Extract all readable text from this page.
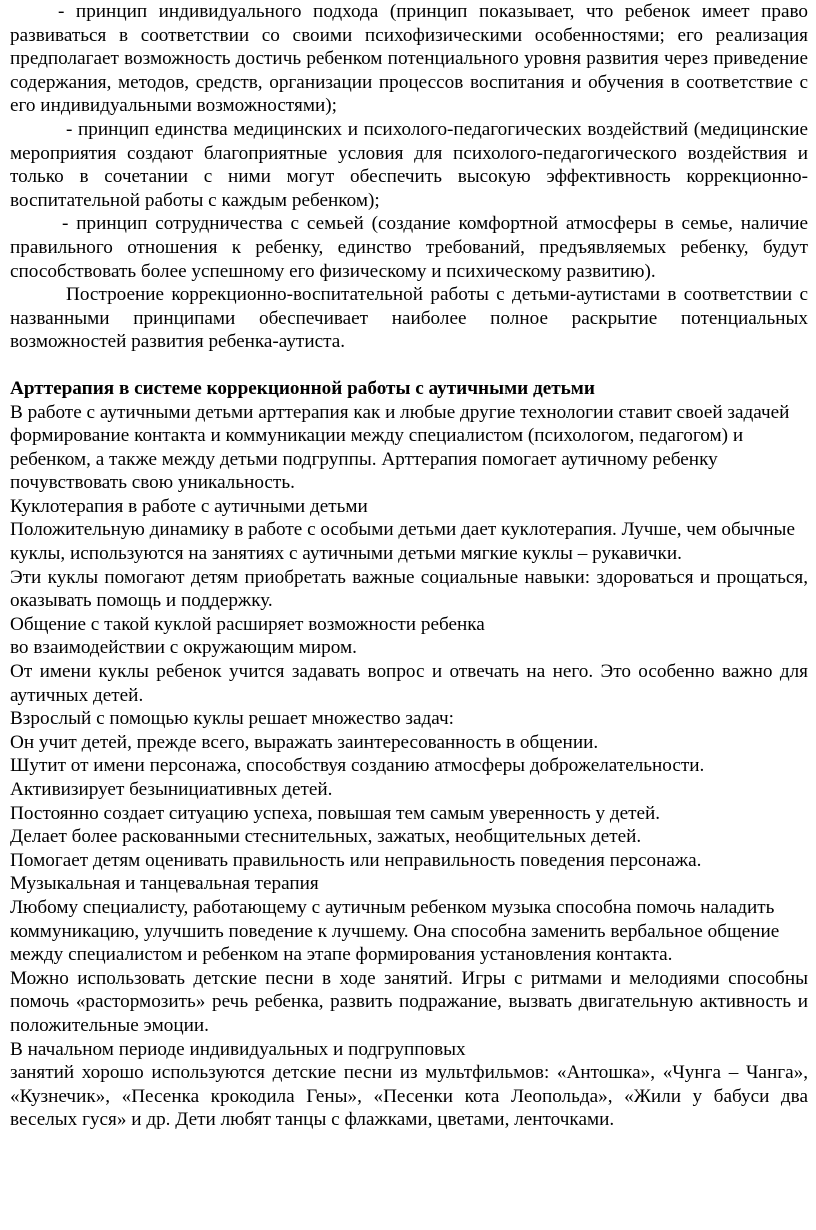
- принцип индивидуального подхода (принцип показывает, что ребенок имеет право развиваться в соответствии со своими психофизическими особенностями; его реализация предполагает возможность достичь ребенком потенциального уровня развития через приведение содержания, методов, средств, организации процессов воспитания и обучения в соответствие с его индивидуальными возможностями);

- принцип единства медицинских и психолого-педагогических воздействий (медицинские мероприятия создают благоприятные условия для психолого-педагогического воздействия и только в сочетании с ними могут обеспечить высокую эффективность коррекционно-воспитательной работы с каждым ребенком);

- принцип сотрудничества с семьей (создание комфортной атмосферы в семье, наличие правильного отношения к ребенку, единство требований, предъявляемых ребенку, будут способствовать более успешному его физическому и психическому развитию).

Построение коррекционно-воспитательной работы с детьми-аутистами в соответствии с названными принципами обеспечивает наиболее полное раскрытие потенциальных возможностей развития ребенка-аутиста.

Арттерапия в системе коррекционной работы с аутичными детьми

В работе с аутичными детьми арттерапия как и любые другие технологии ставит своей задачей формирование контакта и коммуникации между специалистом (психологом, педагогом) и ребенком, а также между детьми подгруппы. Арттерапия помогает аутичному ребенку почувствовать свою уникальность.

Куклотерапия в работе с аутичными детьми

Положительную динамику в работе с особыми детьми дает куклотерапия. Лучше, чем обычные куклы, используются на занятиях с аутичными детьми мягкие куклы – рукавички.

Эти куклы помогают детям приобретать важные социальные навыки: здороваться и прощаться, оказывать помощь и поддержку.

Общение с такой куклой расширяет возможности ребенка

во взаимодействии с окружающим миром.

От имени куклы ребенок учится задавать вопрос и отвечать на него. Это особенно важно для аутичных детей.

Взрослый с помощью куклы решает множество задач:

Он учит детей, прежде всего, выражать заинтересованность в общении.

Шутит от имени персонажа, способствуя созданию атмосферы доброжелательности.

Активизирует безынициативных детей.

Постоянно создает ситуацию успеха, повышая тем самым уверенность у детей.

Делает более раскованными стеснительных, зажатых, необщительных детей.

Помогает детям оценивать правильность или неправильность поведения персонажа.

Музыкальная и танцевальная терапия

Любому специалисту, работающему с аутичным ребенком музыка способна помочь наладить коммуникацию, улучшить поведение к лучшему. Она способна заменить вербальное общение между специалистом и ребенком на этапе формирования установления контакта.

Можно использовать детские песни в ходе занятий. Игры с ритмами и мелодиями способны помочь «растормозить» речь ребенка, развить подражание, вызвать двигательную активность и положительные эмоции.

В начальном периоде индивидуальных и подгрупповых

занятий хорошо используются детские песни из мультфильмов: «Антошка», «Чунга – Чанга», «Кузнечик», «Песенка крокодила Гены», «Песенки кота Леопольда», «Жили у бабуси два веселых гуся» и др. Дети любят танцы с флажками, цветами, ленточками.
